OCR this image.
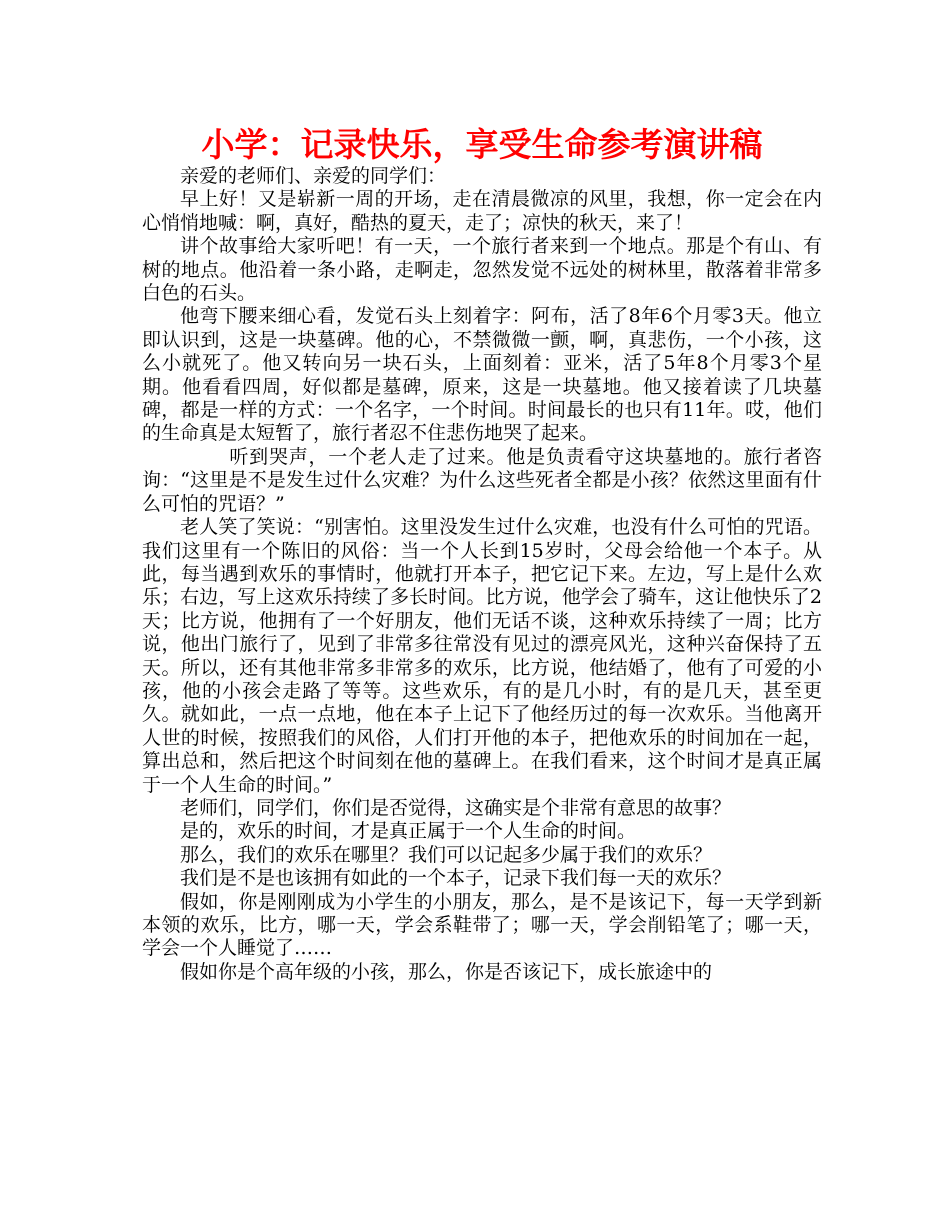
小学：记录快乐，享受生命参考演讲稿

亲爱的老师们、亲爱的同学们：

早上好！又是崭新一周的开场，走在清晨微凉的风里，我想，你一定会在内心悄悄地喊：啊，真好，酷热的夏天，走了；凉快的秋天，来了！

讲个故事给大家听吧！有一天，一个旅行者来到一个地点。那是个有山、有树的地点。他沿着一条小路，走啊走，忽然发觉不远处的树林里，散落着非常多白色的石头。

他弯下腰来细心看，发觉石头上刻着字：阿布，活了8年6个月零3天。他立即认识到，这是一块墓碑。他的心，不禁微微一颤，啊，真悲伤，一个小孩，这么小就死了。他又转向另一块石头，上面刻着：亚米，活了5年8个月零3个星期。他看看四周，好似都是墓碑，原来，这是一块墓地。他又接着读了几块墓碑，都是一样的方式：一个名字，一个时间。时间最长的也只有11年。哎，他们的生命真是太短暂了，旅行者忍不住悲伤地哭了起来。

听到哭声，一个老人走了过来。他是负责看守这块墓地的。旅行者咨询：“这里是不是发生过什么灾难？为什么这些死者全都是小孩？依然这里面有什么可怕的咒语？”

老人笑了笑说：“别害怕。这里没发生过什么灾难，也没有什么可怕的咒语。我们这里有一个陈旧的风俗：当一个人长到15岁时，父母会给他一个本子。从此，每当遇到欢乐的事情时，他就打开本子，把它记下来。左边，写上是什么欢乐；右边，写上这欢乐持续了多长时间。比方说，他学会了骑车，这让他快乐了2天；比方说，他拥有了一个好朋友，他们无话不谈，这种欢乐持续了一周；比方说，他出门旅行了，见到了非常多往常没有见过的漂亮风光，这种兴奋保持了五天。所以，还有其他非常多非常多的欢乐，比方说，他结婚了，他有了可爱的小孩，他的小孩会走路了等等。这些欢乐，有的是几小时，有的是几天，甚至更久。就如此，一点一点地，他在本子上记下了他经历过的每一次欢乐。当他离开人世的时候，按照我们的风俗，人们打开他的本子，把他欢乐的时间加在一起，算出总和，然后把这个时间刻在他的墓碑上。在我们看来，这个时间才是真正属于一个人生命的时间。”

老师们，同学们，你们是否觉得，这确实是个非常有意思的故事？

是的，欢乐的时间，才是真正属于一个人生命的时间。

那么，我们的欢乐在哪里？我们可以记起多少属于我们的欢乐？

我们是不是也该拥有如此的一个本子，记录下我们每一天的欢乐？

假如，你是刚刚成为小学生的小朋友，那么，是不是该记下，每一天学到新本领的欢乐，比方，哪一天，学会系鞋带了；哪一天，学会削铅笔了；哪一天，学会一个人睡觉了……

假如你是个高年级的小孩，那么，你是否该记下，成长旅途中的
